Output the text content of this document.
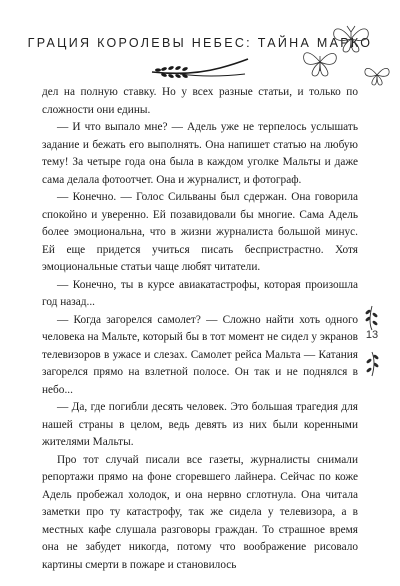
ГРАЦИЯ КОРОЛЕВЫ НЕБЕС: ТАЙНА МАРКО

дел на полную ставку. Но у всех разные статьи, и только по сложности они едины.

— И что выпало мне? — Адель уже не терпелось услышать задание и бежать его выполнять. Она напишет статью на любую тему! За четыре года она была в каждом уголке Мальты и даже сама делала фотоотчет. Она и журналист, и фотограф.

— Конечно. — Голос Сильваны был сдержан. Она говорила спокойно и уверенно. Ей позавидовали бы многие. Сама Адель более эмоциональна, что в жизни журналиста большой минус. Ей еще придется учиться писать беспристрастно. Хотя эмоциональные статьи чаще любят читатели.

— Конечно, ты в курсе авиакатастрофы, которая произошла год назад...

— Когда загорелся самолет? — Сложно найти хоть одного человека на Мальте, который бы в тот момент не сидел у экранов телевизоров в ужасе и слезах. Самолет рейса Мальта — Катания загорелся прямо на взлетной полосе. Он так и не поднялся в небо...

— Да, где погибли десять человек. Это большая трагедия для нашей страны в целом, ведь девять из них были коренными жителями Мальты.

Про тот случай писали все газеты, журналисты снимали репортажи прямо на фоне сгоревшего лайнера. Сейчас по коже Адель пробежал холодок, и она нервно сглотнула. Она читала заметки про ту катастрофу, так же сидела у телевизора, а в местных кафе слушала разговоры граждан. То страшное время она не забудет никогда, потому что воображение рисовало картины смерти в пожаре и становилось

13
